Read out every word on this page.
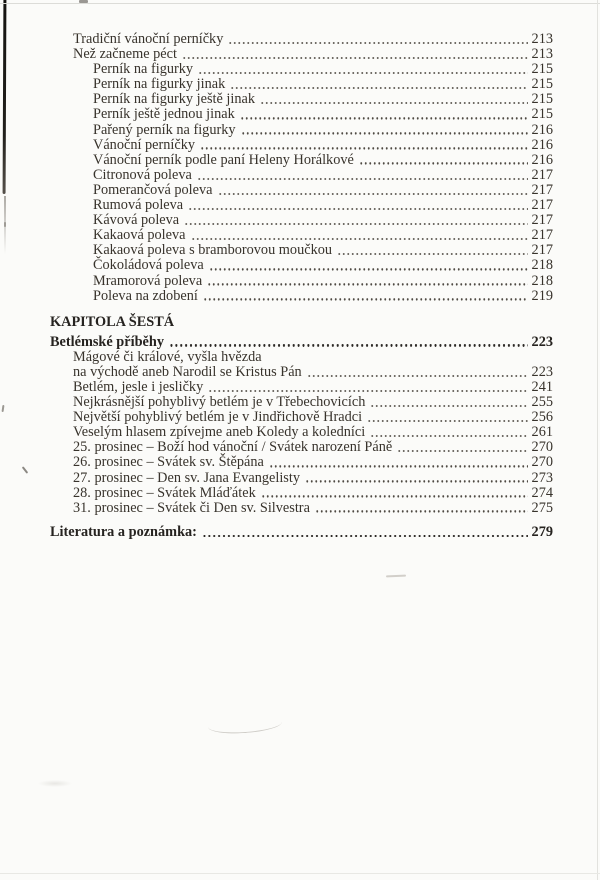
Tradiční vánoční perníčky	213
Než začneme péct	213
Perník na figurky	215
Perník na figurky jinak	215
Perník na figurky ještě jinak	215
Perník ještě jednou jinak	215
Pařený perník na figurky	216
Vánoční perníčky	216
Vánoční perník podle paní Heleny Horálkové	216
Citronová poleva	217
Pomerančová poleva	217
Rumová poleva	217
Kávová poleva	217
Kakaová poleva	217
Kakaová poleva s bramborovou moučkou	217
Čokoládová poleva	218
Mramorová poleva	218
Poleva na zdobení	219
KAPITOLA ŠESTÁ
Betlémské příběhy	223
Mágové či králové, vyšla hvězda
na východě aneb Narodil se Kristus Pán	223
Betlém, jesle i jesličky	241
Nejkrásnější pohyblivý betlém je v Třebechovicích	255
Největší pohyblivý betlém je v Jindřichově Hradci	256
Veselým hlasem zpívejme aneb Koledy a koledníci	261
25. prosinec – Boží hod vánoční / Svátek narození Páně	270
26. prosinec – Svátek sv. Štěpána	270
27. prosinec – Den sv. Jana Evangelisty	273
28. prosinec – Svátek Mláďátek	274
31. prosinec – Svátek či Den sv. Silvestra	275
Literatura a poznámka:	279
